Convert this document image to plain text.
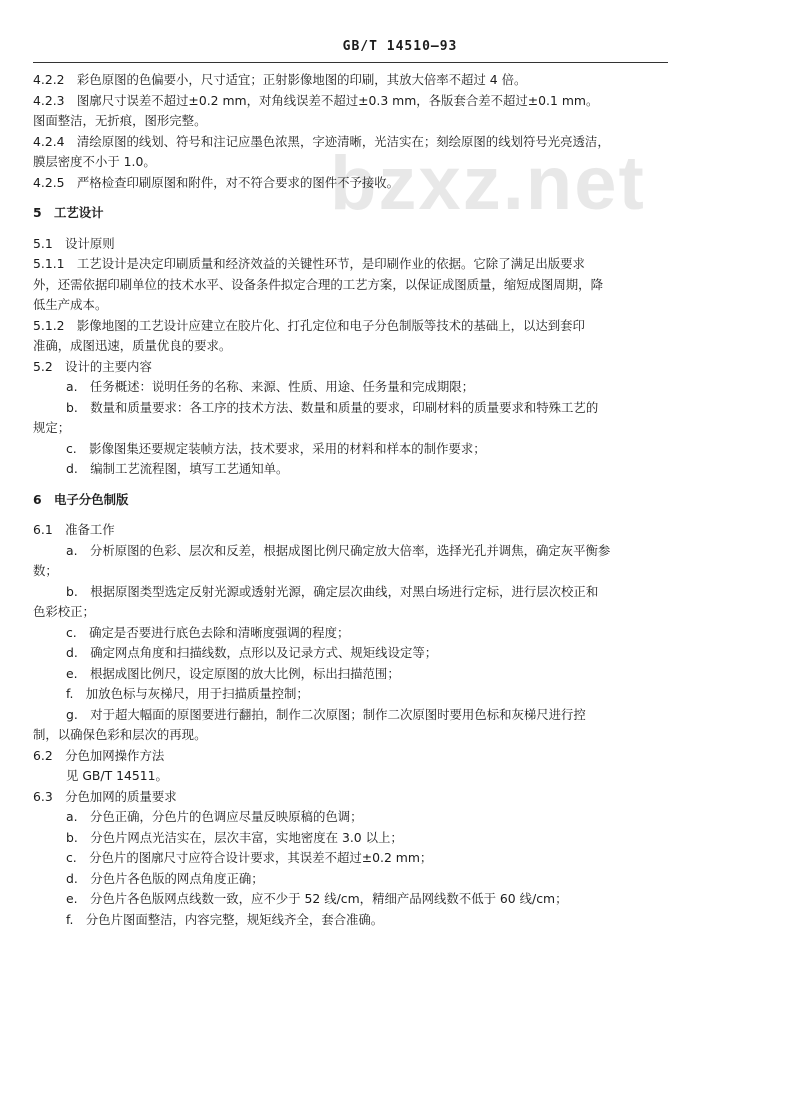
bzxz.net
GB/T 14510—93
4.2.2　彩色原图的色偏要小，尺寸适宜；正射影像地图的印刷，其放大倍率不超过 4 倍。
4.2.3　图廓尺寸误差不超过±0.2 mm，对角线误差不超过±0.3 mm，各版套合差不超过±0.1 mm。
图面整洁，无折痕，图形完整。
4.2.4　清绘原图的线划、符号和注记应墨色浓黑，字迹清晰，光洁实在；刻绘原图的线划符号光亮透洁，
膜层密度不小于 1.0。
4.2.5　严格检查印刷原图和附件，对不符合要求的图件不予接收。
5　工艺设计
5.1　设计原则
5.1.1　工艺设计是决定印刷质量和经济效益的关键性环节，是印刷作业的依据。它除了满足出版要求
外，还需依据印刷单位的技术水平、设备条件拟定合理的工艺方案，以保证成图质量，缩短成图周期，降
低生产成本。
5.1.2　影像地图的工艺设计应建立在胶片化、打孔定位和电子分色制版等技术的基础上，以达到套印
准确，成图迅速，质量优良的要求。
5.2　设计的主要内容
a.　任务概述：说明任务的名称、来源、性质、用途、任务量和完成期限；
b.　数量和质量要求：各工序的技术方法、数量和质量的要求，印刷材料的质量要求和特殊工艺的
规定；
c.　影像图集还要规定装帧方法，技术要求，采用的材料和样本的制作要求；
d.　编制工艺流程图，填写工艺通知单。
6　电子分色制版
6.1　准备工作
a.　分析原图的色彩、层次和反差，根据成图比例尺确定放大倍率，选择光孔并调焦，确定灰平衡参
数；
b.　根据原图类型选定反射光源或透射光源，确定层次曲线，对黑白场进行定标，进行层次校正和
色彩校正；
c.　确定是否要进行底色去除和清晰度强调的程度；
d.　确定网点角度和扫描线数，点形以及记录方式、规矩线设定等；
e.　根据成图比例尺，设定原图的放大比例，标出扫描范围；
f.　加放色标与灰梯尺，用于扫描质量控制；
g.　对于超大幅面的原图要进行翻拍，制作二次原图；制作二次原图时要用色标和灰梯尺进行控
制，以确保色彩和层次的再现。
6.2　分色加网操作方法
见 GB/T 14511。
6.3　分色加网的质量要求
a.　分色正确，分色片的色调应尽量反映原稿的色调；
b.　分色片网点光洁实在，层次丰富，实地密度在 3.0 以上；
c.　分色片的图廓尺寸应符合设计要求，其误差不超过±0.2 mm；
d.　分色片各色版的网点角度正确；
e.　分色片各色版网点线数一致，应不少于 52 线/cm，精细产品网线数不低于 60 线/cm；
f.　分色片图面整洁，内容完整，规矩线齐全，套合准确。
